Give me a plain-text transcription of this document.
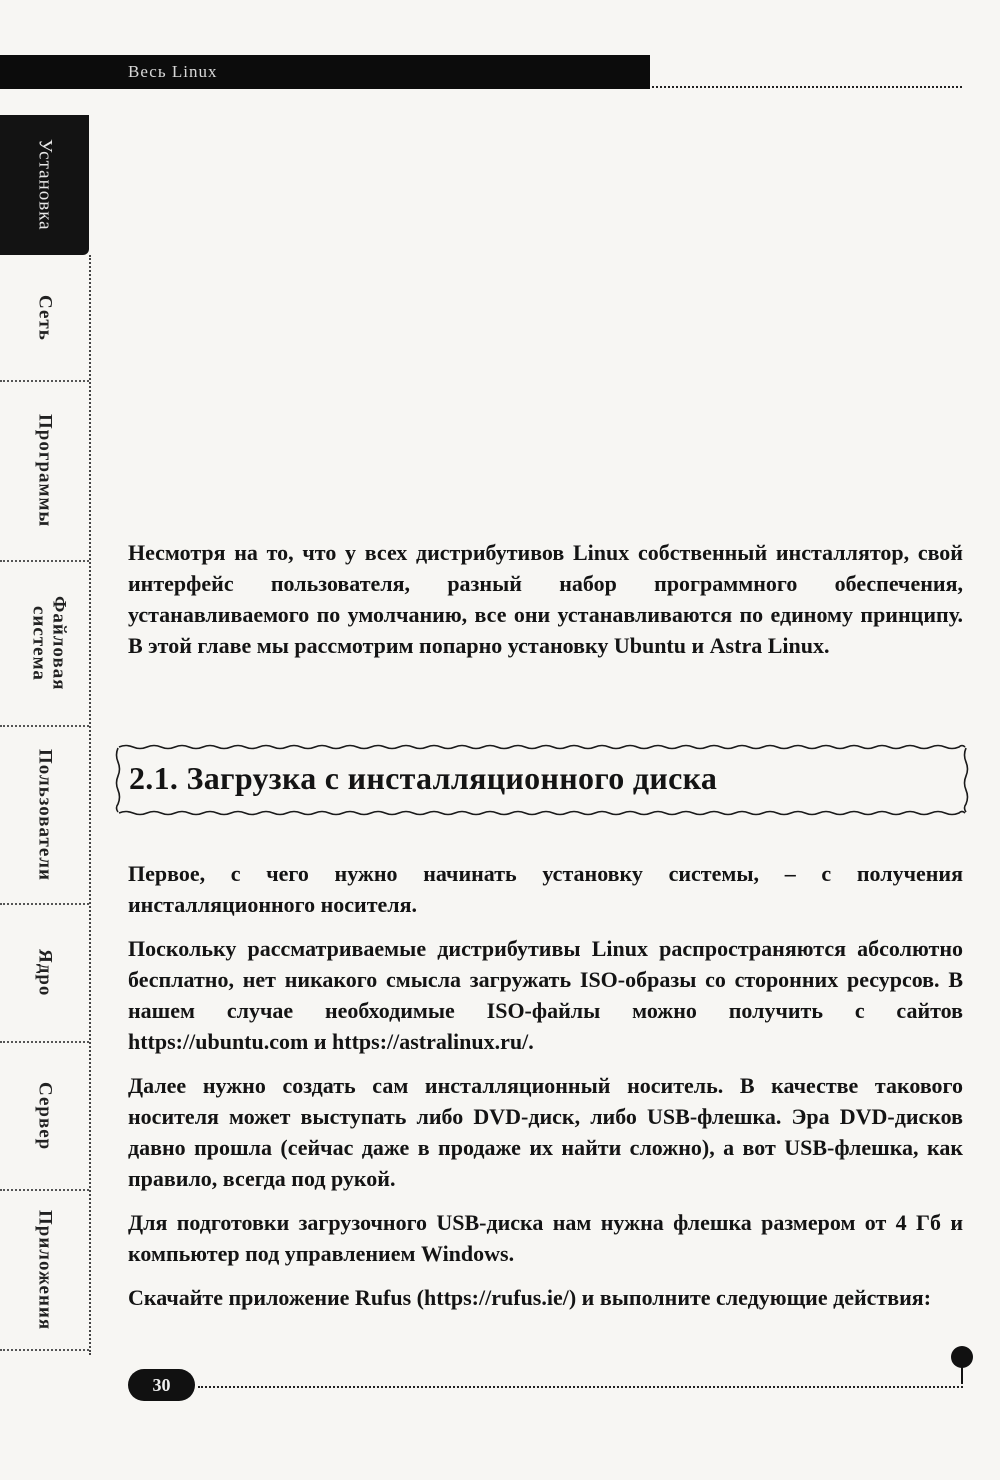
Весь Linux
Установка
Сеть
Программы
Файловая система
Пользователи
Ядро
Сервер
Приложения

Несмотря на то, что у всех дистрибутивов Linux собственный инсталлятор, свой интерфейс пользователя, разный набор программного обеспечения, устанавливаемого по умолчанию, все они устанавливаются по единому принципу. В этой главе мы рассмотрим попарно установку Ubuntu и Astra Linux.

2.1. Загрузка с инсталляционного диска

Первое, с чего нужно начинать установку системы, – с получения инсталляционного носителя.

Поскольку рассматриваемые дистрибутивы Linux распространяются абсолютно бесплатно, нет никакого смысла загружать ISO-образы со сторонних ресурсов. В нашем случае необходимые ISO-файлы можно получить с сайтов https://ubuntu.com и https://astralinux.ru/.

Далее нужно создать сам инсталляционный носитель. В качестве такового носителя может выступать либо DVD-диск, либо USB-флешка. Эра DVD-дисков давно прошла (сейчас даже в продаже их найти сложно), а вот USB-флешка, как правило, всегда под рукой.

Для подготовки загрузочного USB-диска нам нужна флешка размером от 4 Гб и компьютер под управлением Windows.

Скачайте приложение Rufus (https://rufus.ie/) и выполните следующие действия:

30
